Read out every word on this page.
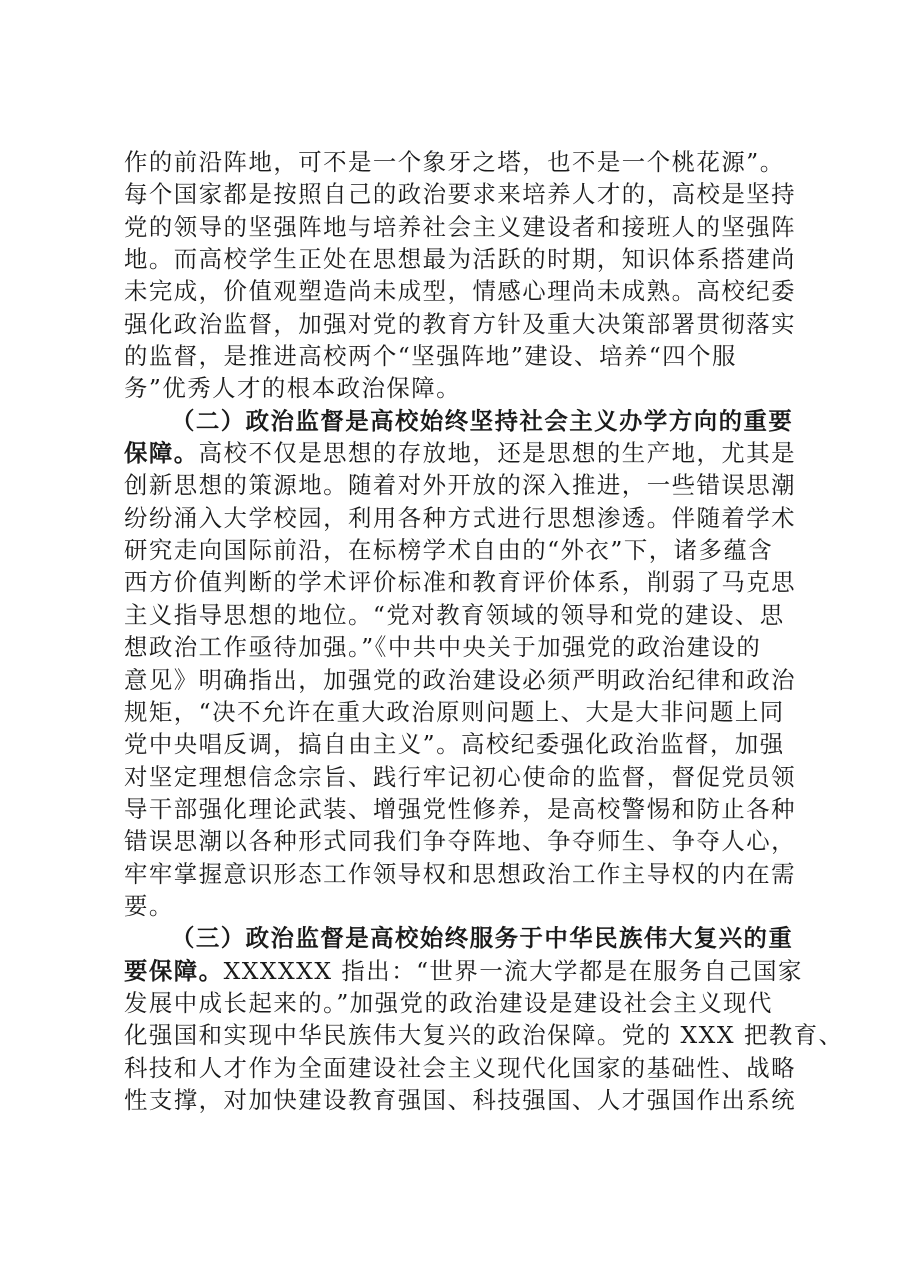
作的前沿阵地，可不是一个象牙之塔，也不是一个桃花源”。
每个国家都是按照自己的政治要求来培养人才的，高校是坚持
党的领导的坚强阵地与培养社会主义建设者和接班人的坚强阵
地。而高校学生正处在思想最为活跃的时期，知识体系搭建尚
未完成，价值观塑造尚未成型，情感心理尚未成熟。高校纪委
强化政治监督，加强对党的教育方针及重大决策部署贯彻落实
的监督，是推进高校两个“坚强阵地”建设、培养“四个服
务”优秀人才的根本政治保障。
（二）政治监督是高校始终坚持社会主义办学方向的重要
保障。高校不仅是思想的存放地，还是思想的生产地，尤其是
创新思想的策源地。随着对外开放的深入推进，一些错误思潮
纷纷涌入大学校园，利用各种方式进行思想渗透。伴随着学术
研究走向国际前沿，在标榜学术自由的“外衣”下，诸多蕴含
西方价值判断的学术评价标准和教育评价体系，削弱了马克思
主义指导思想的地位。“党对教育领域的领导和党的建设、思
想政治工作亟待加强。”《中共中央关于加强党的政治建设的
意见》明确指出，加强党的政治建设必须严明政治纪律和政治
规矩，“决不允许在重大政治原则问题上、大是大非问题上同
党中央唱反调，搞自由主义”。高校纪委强化政治监督，加强
对坚定理想信念宗旨、践行牢记初心使命的监督，督促党员领
导干部强化理论武装、增强党性修养，是高校警惕和防止各种
错误思潮以各种形式同我们争夺阵地、争夺师生、争夺人心，
牢牢掌握意识形态工作领导权和思想政治工作主导权的内在需
要。
（三）政治监督是高校始终服务于中华民族伟大复兴的重
要保障。XXXXXX 指出：“世界一流大学都是在服务自己国家
发展中成长起来的。”加强党的政治建设是建设社会主义现代
化强国和实现中华民族伟大复兴的政治保障。党的 XXX 把教育、
科技和人才作为全面建设社会主义现代化国家的基础性、战略
性支撑，对加快建设教育强国、科技强国、人才强国作出系统
